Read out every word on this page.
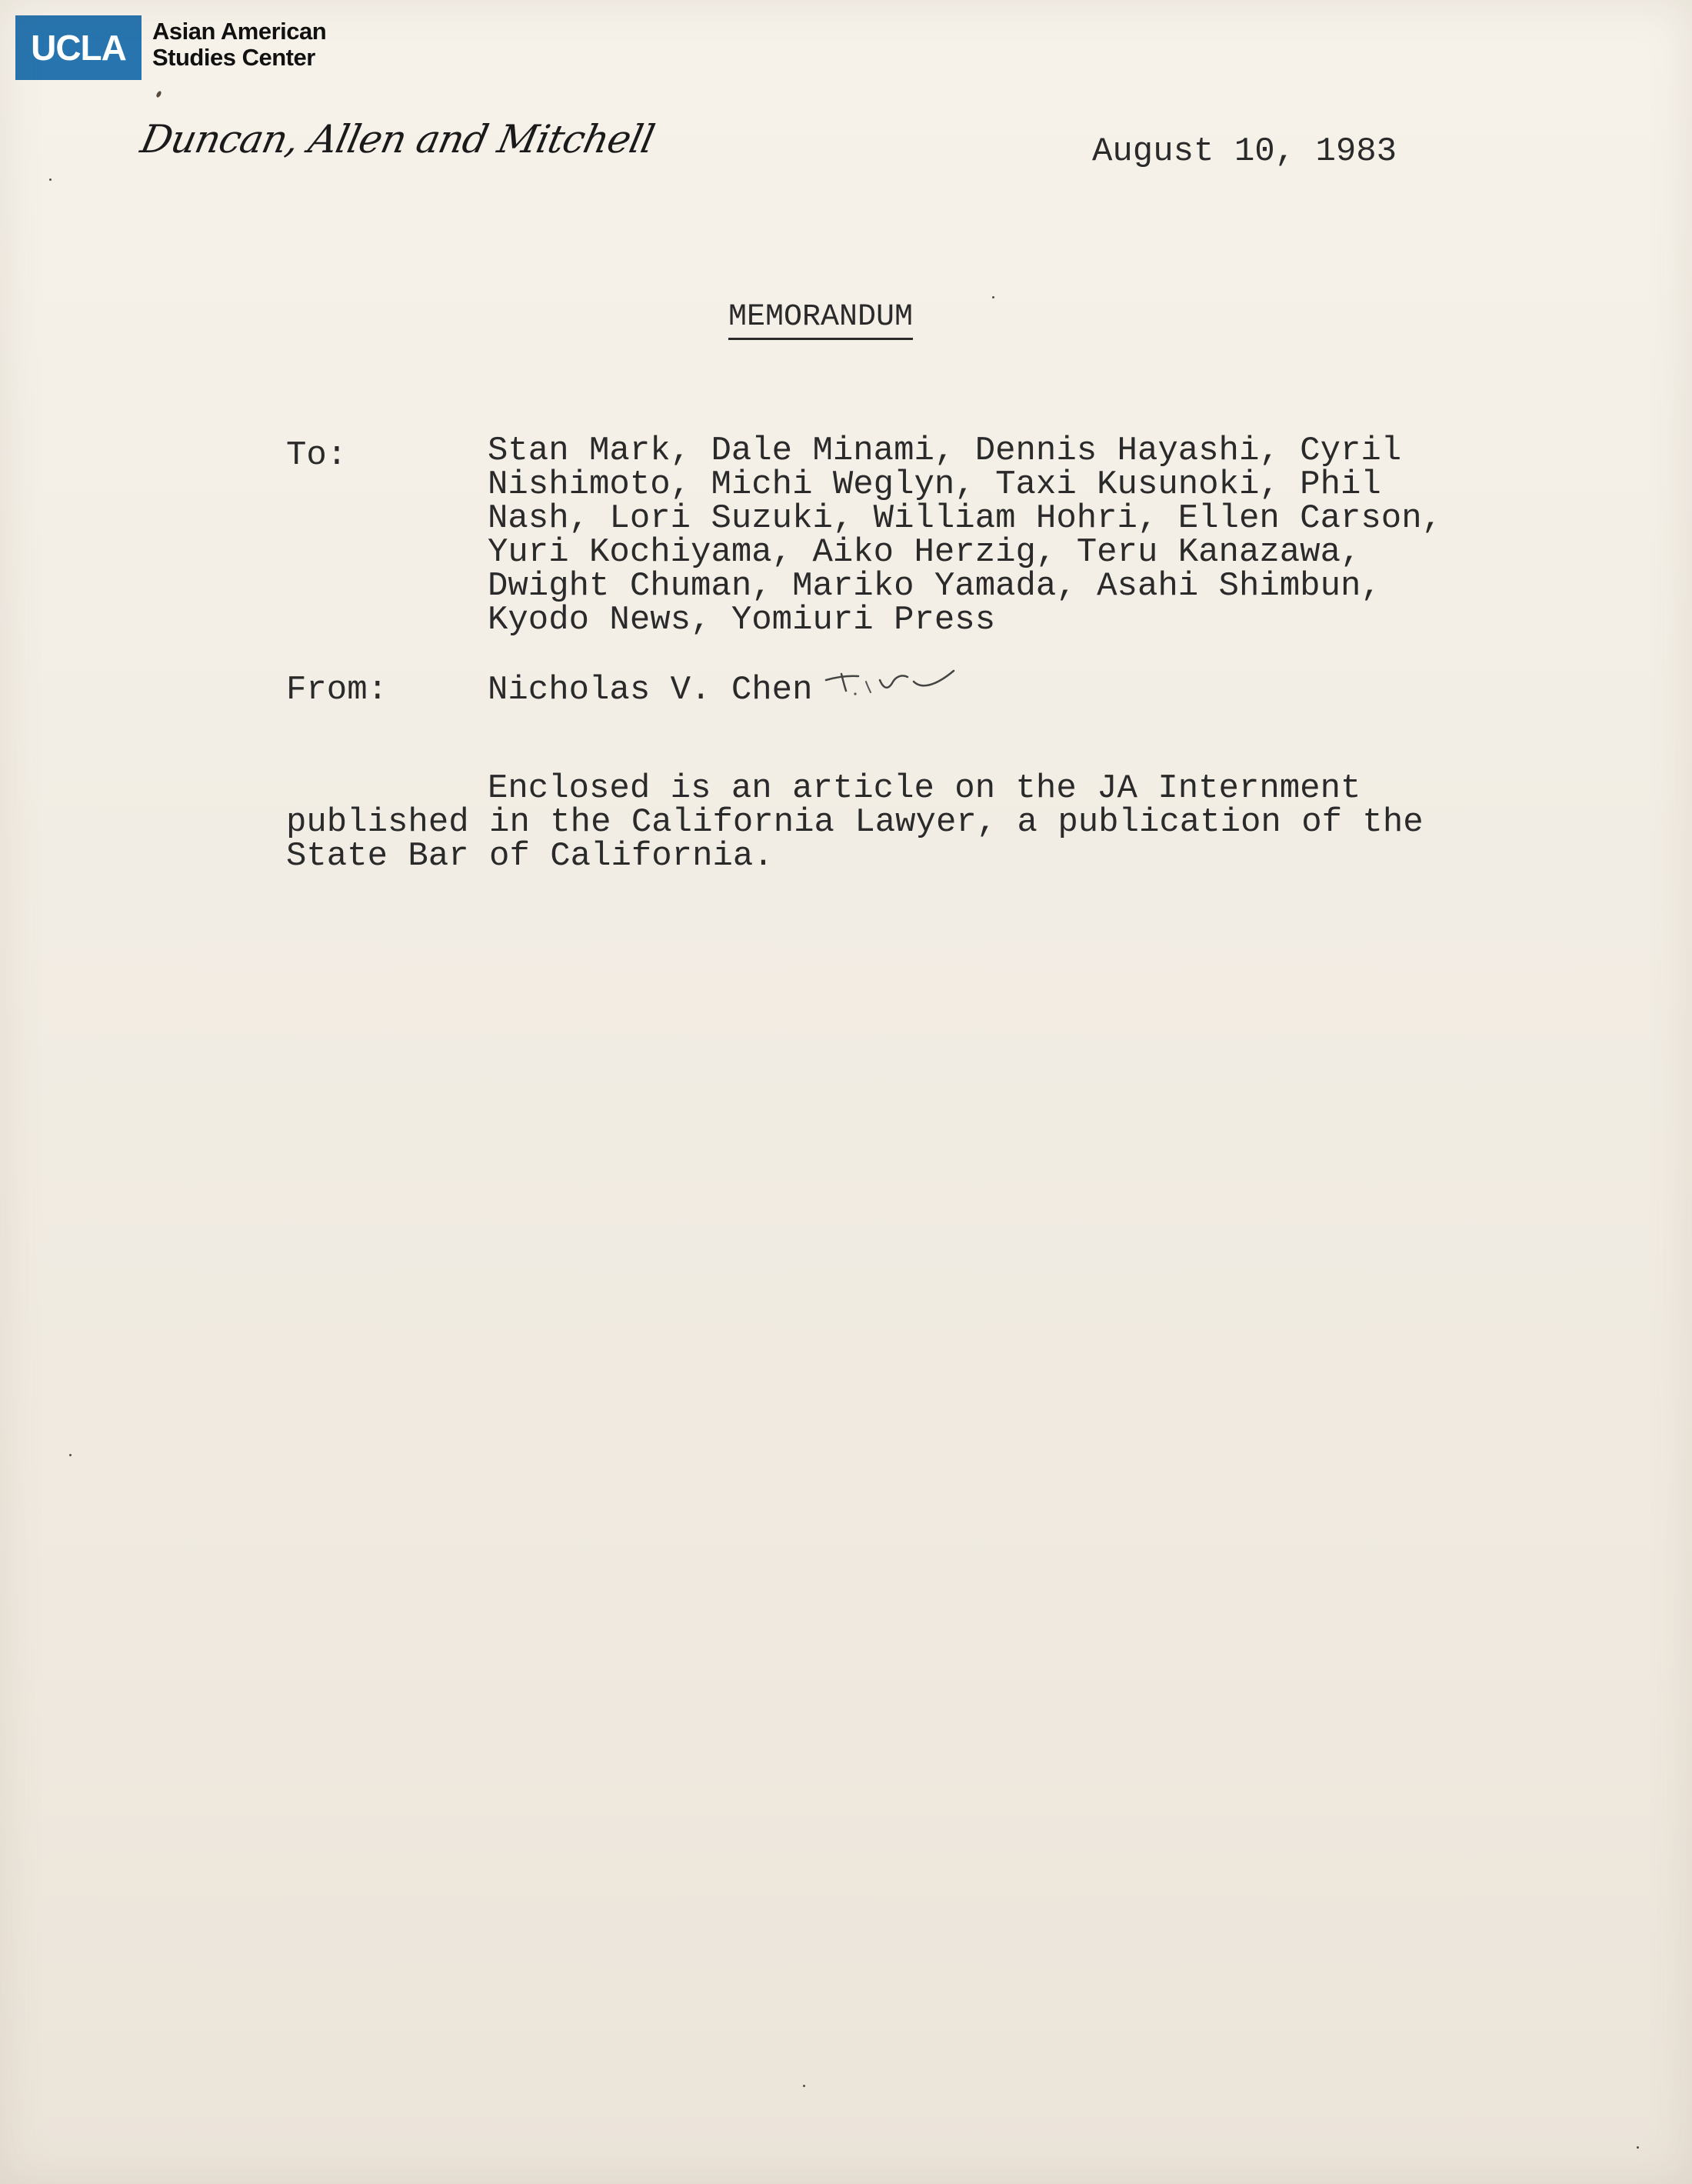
UCLA Asian American
Studies Center
Duncan, Allen and Mitchell	August 10, 1983
MEMORANDUM
To:	Stan Mark, Dale Minami, Dennis Hayashi, Cyril
Nishimoto, Michi Weglyn, Taxi Kusunoki, Phil
Nash, Lori Suzuki, William Hohri, Ellen Carson,
Yuri Kochiyama, Aiko Herzig, Teru Kanazawa,
Dwight Chuman, Mariko Yamada, Asahi Shimbun,
Kyodo News, Yomiuri Press
From:	Nicholas V. Chen
Enclosed is an article on the JA Internment
published in the California Lawyer, a publication of the
State Bar of California.
